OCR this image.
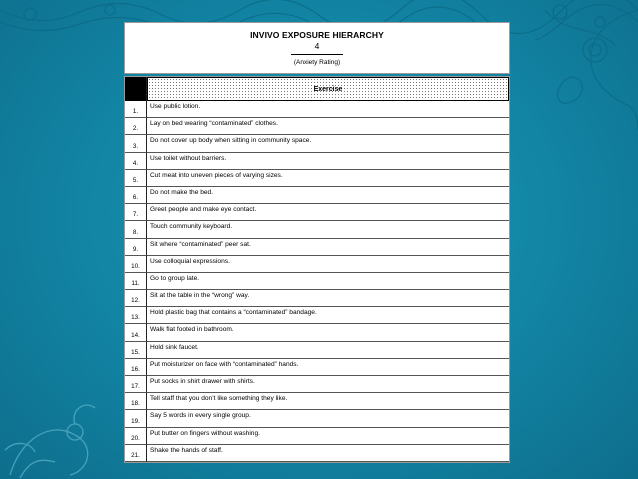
INVIVO EXPOSURE HIERARCHY
4
(Anxiety Rating)
Exercise
1.
Use public lotion.
2.
Lay on bed wearing “contaminated” clothes.
3.
Do not cover up body when sitting in community space.
4.
Use toilet without barriers.
5.
Cut meat into uneven pieces of varying sizes.
6.
Do not make the bed.
7.
Greet people and make eye contact.
8.
Touch community keyboard.
9.
Sit where “contaminated” peer sat.
10.
Use colloquial expressions.
11.
Go to group late.
12.
Sit at the table in the “wrong” way.
13.
Hold plastic bag that contains a “contaminated” bandage.
14.
Walk flat footed in bathroom.
15.
Hold sink faucet.
16.
Put moisturizer on face with “contaminated” hands.
17.
Put socks in shirt drawer with shirts.
18.
Tell staff that you don’t like something they like.
19.
Say 5 words in every single group.
20.
Put butter on fingers without washing.
21.
Shake the hands of staff.
